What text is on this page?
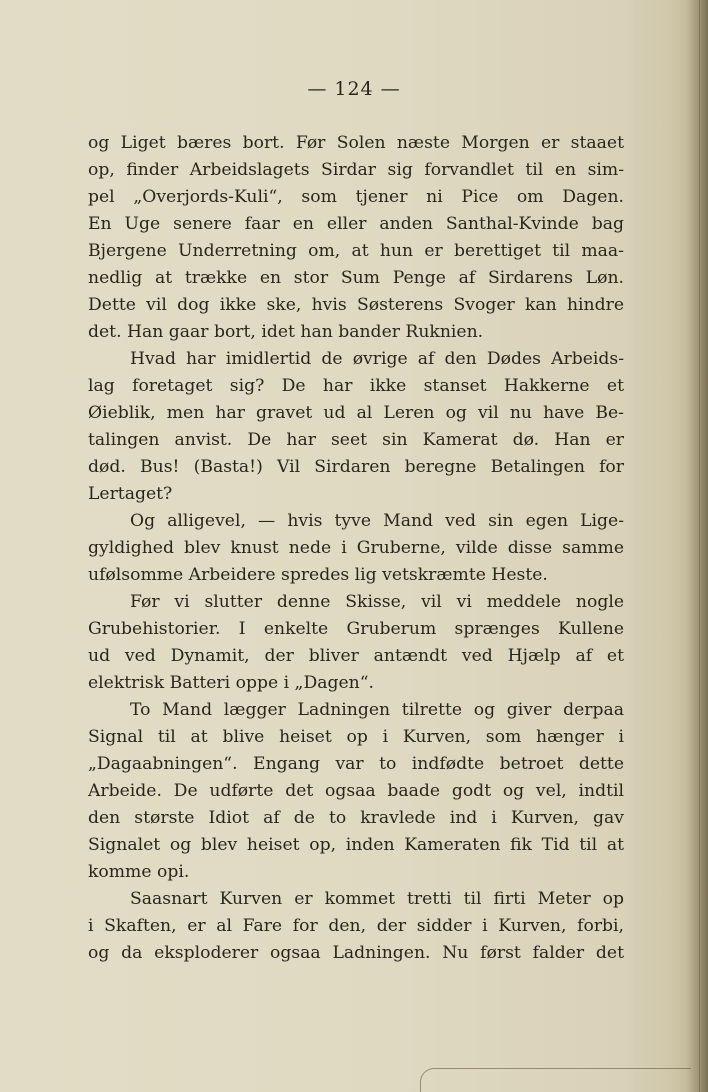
— 124 —
og Liget bæres bort. Før Solen næste Morgen er staaet
op, finder Arbeidslagets Sirdar sig forvandlet til en sim-
pel „Overjords-Kuli“, som tjener ni Pice om Dagen.
En Uge senere faar en eller anden Santhal-Kvinde bag
Bjergene Underretning om, at hun er berettiget til maa-
nedlig at trække en stor Sum Penge af Sirdarens Løn.
Dette vil dog ikke ske, hvis Søsterens Svoger kan hindre
det. Han gaar bort, idet han bander Ruknien.
Hvad har imidlertid de øvrige af den Dødes Arbeids-
lag foretaget sig? De har ikke stanset Hakkerne et
Øieblik, men har gravet ud al Leren og vil nu have Be-
talingen anvist. De har seet sin Kamerat dø. Han er
død. Bus! (Basta!) Vil Sirdaren beregne Betalingen for
Lertaget?
Og alligevel, — hvis tyve Mand ved sin egen Lige-
gyldighed blev knust nede i Gruberne, vilde disse samme
ufølsomme Arbeidere spredes lig vetskræmte Heste.
Før vi slutter denne Skisse, vil vi meddele nogle
Grubehistorier. I enkelte Gruberum sprænges Kullene
ud ved Dynamit, der bliver antændt ved Hjælp af et
elektrisk Batteri oppe i „Dagen“.
To Mand lægger Ladningen tilrette og giver derpaa
Signal til at blive heiset op i Kurven, som hænger i
„Dagaabningen“. Engang var to indfødte betroet dette
Arbeide. De udførte det ogsaa baade godt og vel, indtil
den største Idiot af de to kravlede ind i Kurven, gav
Signalet og blev heiset op, inden Kameraten fik Tid til at
komme opi.
Saasnart Kurven er kommet tretti til firti Meter op
i Skaften, er al Fare for den, der sidder i Kurven, forbi,
og da eksploderer ogsaa Ladningen. Nu først falder det
